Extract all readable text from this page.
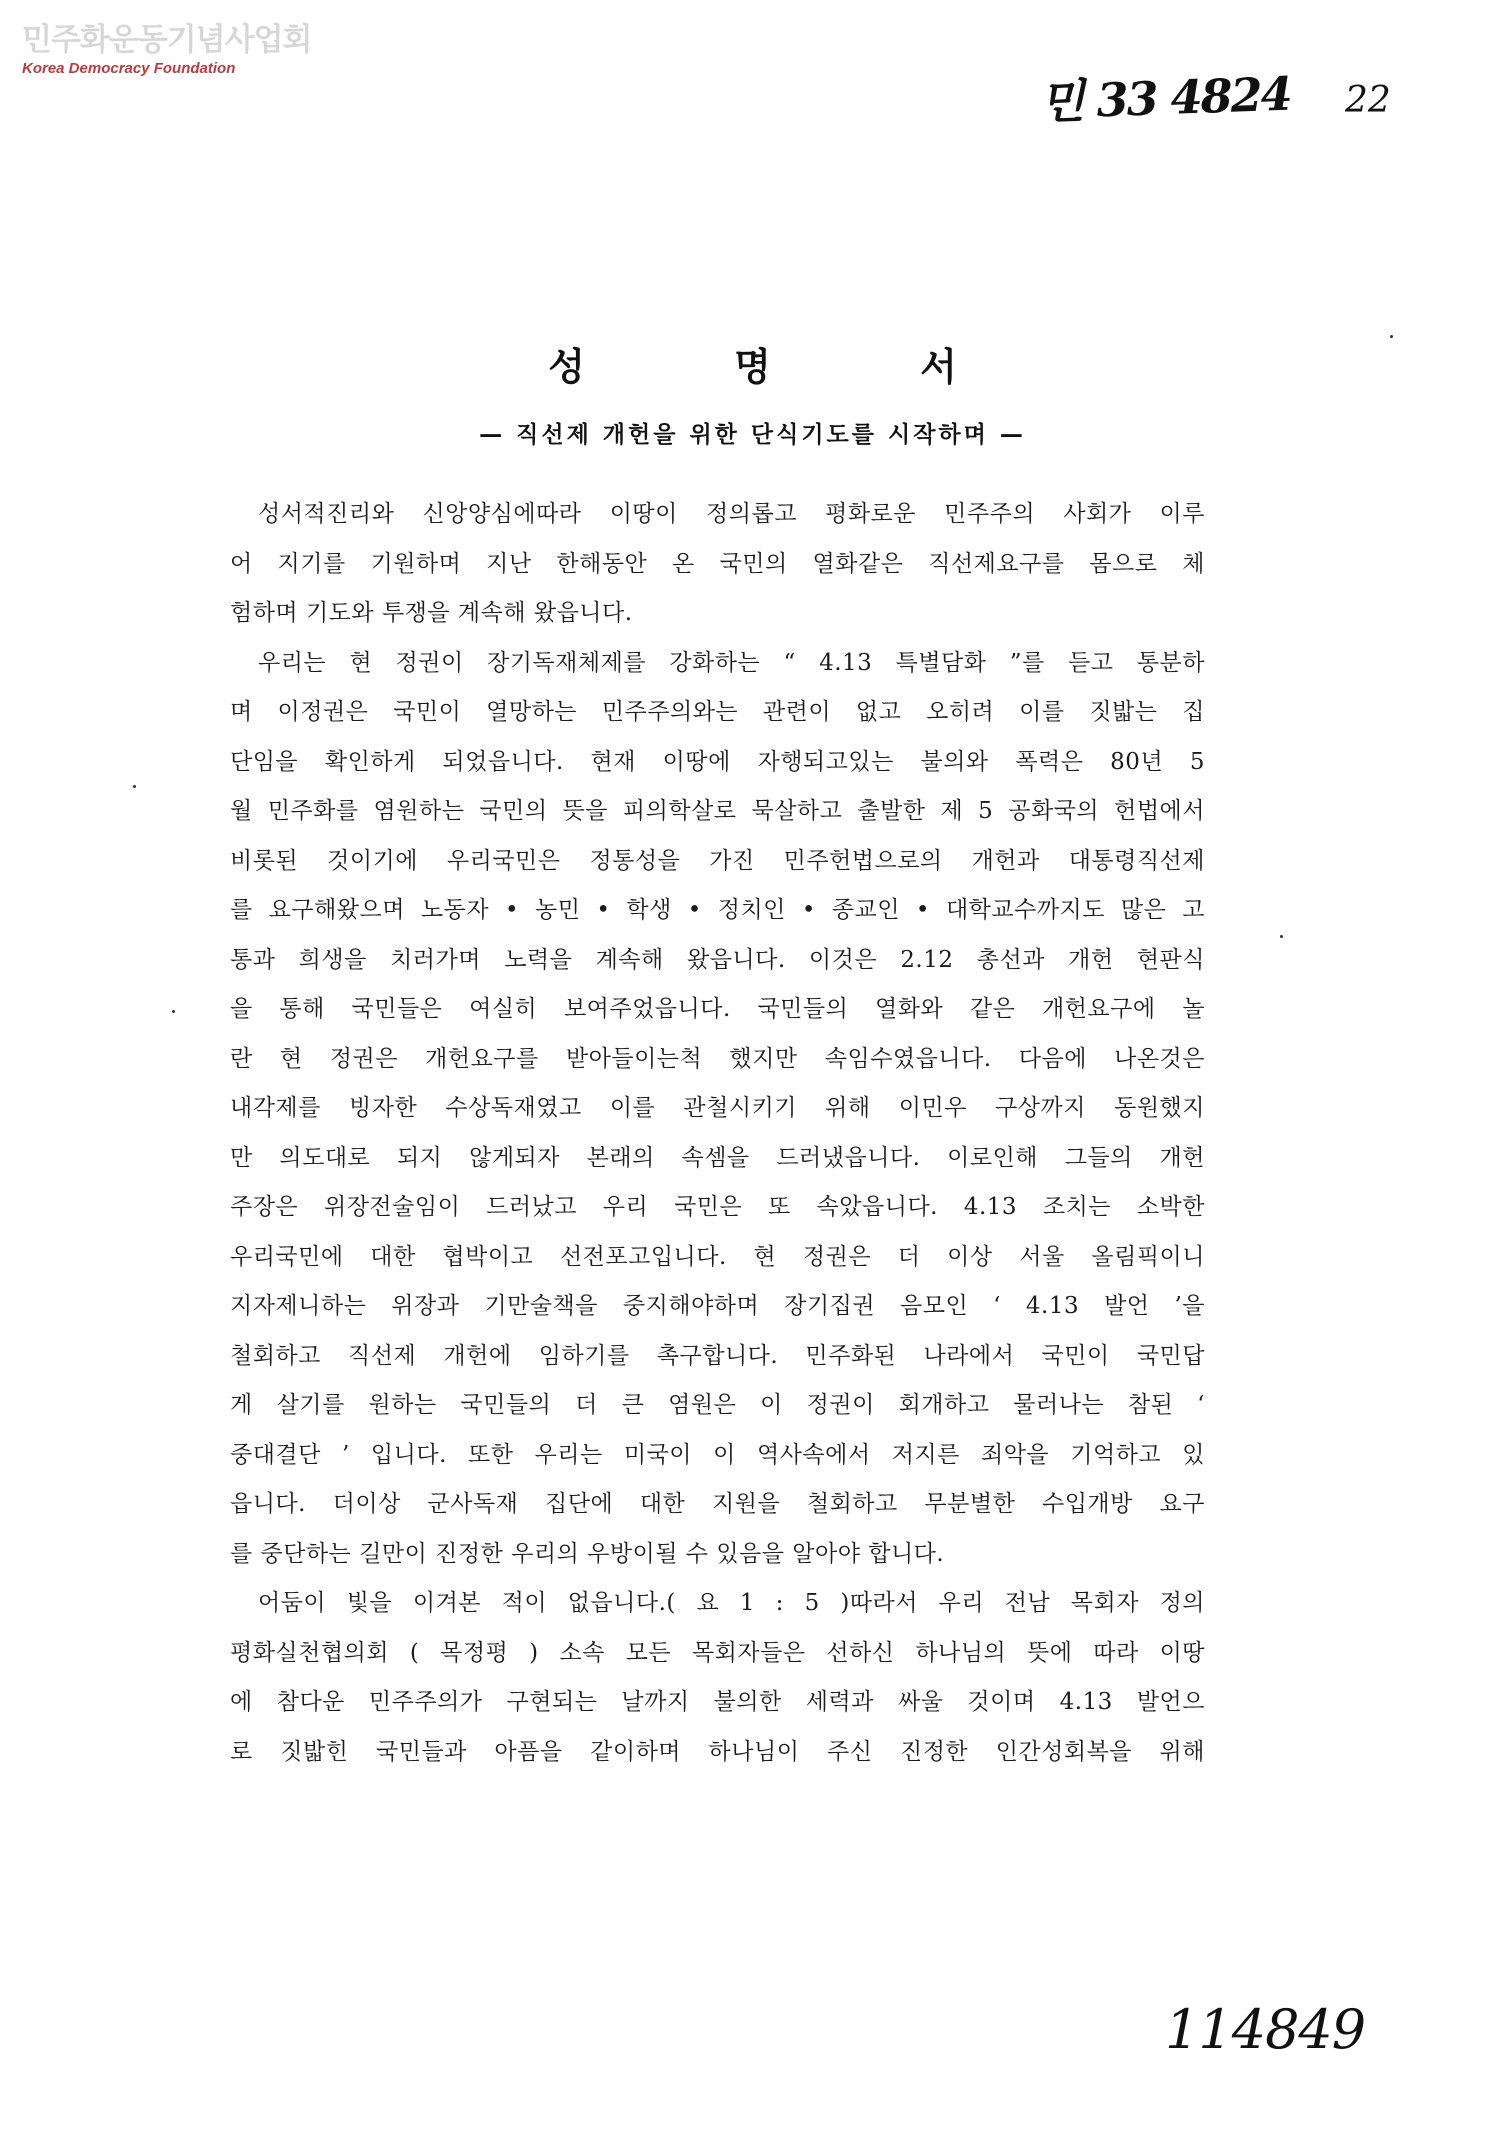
민주화운동기념사업회
Korea Democracy Foundation	민 33 4824 22
성 명 서
— 직선제 개헌을 위한 단식기도를 시작하며 —
성서적진리와 신앙양심에따라 이땅이 정의롭고 평화로운 민주주의 사회가 이루
어 지기를 기원하며 지난 한해동안 온 국민의 열화같은 직선제요구를 몸으로 체
험하며 기도와 투쟁을 계속해 왔읍니다.
우리는 현 정권이 장기독재체제를 강화하는 “ 4.13 특별담화 ”를 듣고 통분하
며 이정권은 국민이 열망하는 민주주의와는 관련이 없고 오히려 이를 짓밟는 집
단임을 확인하게 되었읍니다. 현재 이땅에 자행되고있는 불의와 폭력은 80년 5
월 민주화를 염원하는 국민의 뜻을 피의학살로 묵살하고 출발한 제 5 공화국의 헌법에서
비롯된 것이기에 우리국민은 정통성을 가진 민주헌법으로의 개헌과 대통령직선제
를 요구해왔으며 노동자 • 농민 • 학생 • 정치인 • 종교인 • 대학교수까지도 많은 고
통과 희생을 치러가며 노력을 계속해 왔읍니다. 이것은 2.12 총선과 개헌 현판식
을 통해 국민들은 여실히 보여주었읍니다. 국민들의 열화와 같은 개헌요구에 놀
란 현 정권은 개헌요구를 받아들이는척 했지만 속임수였읍니다. 다음에 나온것은
내각제를 빙자한 수상독재였고 이를 관철시키기 위해 이민우 구상까지 동원했지
만 의도대로 되지 않게되자 본래의 속셈을 드러냈읍니다. 이로인해 그들의 개헌
주장은 위장전술임이 드러났고 우리 국민은 또 속았읍니다. 4.13 조치는 소박한
우리국민에 대한 협박이고 선전포고입니다. 현 정권은 더 이상 서울 올림픽이니
지자제니하는 위장과 기만술책을 중지해야하며 장기집권 음모인 ‘ 4.13 발언 ’을
철회하고 직선제 개헌에 임하기를 촉구합니다. 민주화된 나라에서 국민이 국민답
게 살기를 원하는 국민들의 더 큰 염원은 이 정권이 회개하고 물러나는 참된 ‘
중대결단 ’ 입니다. 또한 우리는 미국이 이 역사속에서 저지른 죄악을 기억하고 있
읍니다. 더이상 군사독재 집단에 대한 지원을 철회하고 무분별한 수입개방 요구
를 중단하는 길만이 진정한 우리의 우방이될 수 있음을 알아야 합니다.
어둠이 빛을 이겨본 적이 없읍니다.( 요 1 : 5 )따라서 우리 전남 목회자 정의
평화실천협의회 ( 목정평 ) 소속 모든 목회자들은 선하신 하나님의 뜻에 따라 이땅
에 참다운 민주주의가 구현되는 날까지 불의한 세력과 싸울 것이며 4.13 발언으
로 짓밟힌 국민들과 아픔을 같이하며 하나님이 주신 진정한 인간성회복을 위해
114849
